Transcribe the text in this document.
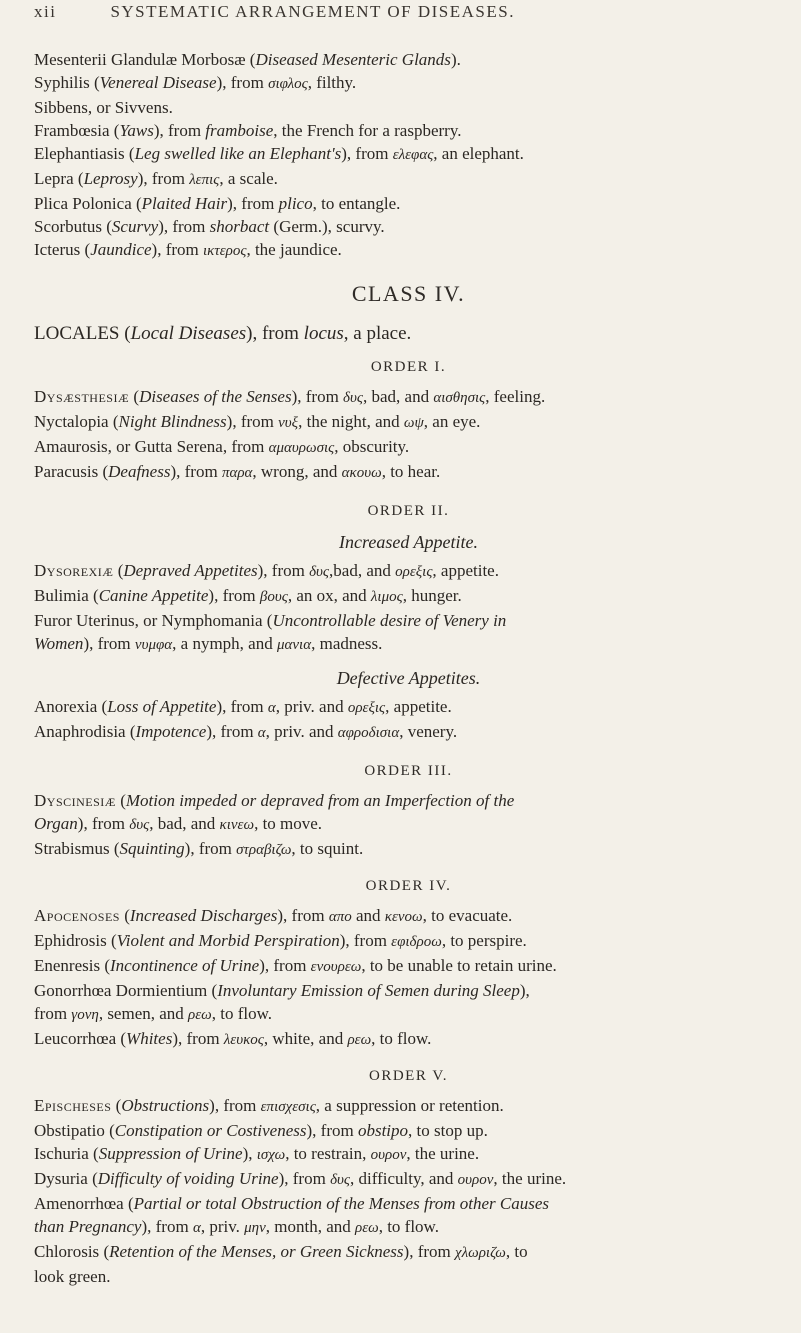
xii	SYSTEMATIC ARRANGEMENT OF DISEASES.
Mesenterii Glandulæ Morbosæ (Diseased Mesenteric Glands).
Syphilis (Venereal Disease), from σιφλος, filthy.
Sibbens, or Sivvens.
Frambœsia (Yaws), from framboise, the French for a raspberry.
Elephantiasis (Leg swelled like an Elephant's), from ελεφας, an elephant.
Lepra (Leprosy), from λεπις, a scale.
Plica Polonica (Plaited Hair), from plico, to entangle.
Scorbutus (Scurvy), from shorbact (Germ.), scurvy.
Icterus (Jaundice), from ικτερος, the jaundice.
CLASS IV.
LOCALES (Local Diseases), from locus, a place.
ORDER I.
Dysæsthesiæ (Diseases of the Senses), from δυς, bad, and αισθησις, feeling.
Nyctalopia (Night Blindness), from νυξ, the night, and ωψ, an eye.
Amaurosis, or Gutta Serena, from αμαυρωσις, obscurity.
Paracusis (Deafness), from παρα, wrong, and ακουω, to hear.
ORDER II.
Increased Appetite.
Dysorexiæ (Depraved Appetites), from δυς,bad, and ορεξις, appetite.
Bulimia (Canine Appetite), from βους, an ox, and λιμος, hunger.
Furor Uterinus, or Nymphomania (Uncontrollable desire of Venery in
Women), from νυμφα, a nymph, and μανια, madness.
Defective Appetites.
Anorexia (Loss of Appetite), from α, priv. and ορεξις, appetite.
Anaphrodisia (Impotence), from α, priv. and αφροδισια, venery.
ORDER III.
Dyscinesiæ (Motion impeded or depraved from an Imperfection of the
Organ), from δυς, bad, and κινεω, to move.
Strabismus (Squinting), from στραβιζω, to squint.
ORDER IV.
Apocenoses (Increased Discharges), from απο and κενοω, to evacuate.
Ephidrosis (Violent and Morbid Perspiration), from εφιδροω, to perspire.
Enenresis (Incontinence of Urine), from ενουρεω, to be unable to retain urine.
Gonorrhœa Dormientium (Involuntary Emission of Semen during Sleep),
from γονη, semen, and ρεω, to flow.
Leucorrhœa (Whites), from λευκος, white, and ρεω, to flow.
ORDER V.
Epischeses (Obstructions), from επισχεσις, a suppression or retention.
Obstipatio (Constipation or Costiveness), from obstipo, to stop up.
Ischuria (Suppression of Urine), ισχω, to restrain, ουρον, the urine.
Dysuria (Difficulty of voiding Urine), from δυς, difficulty, and ουρον, the urine.
Amenorrhœa (Partial or total Obstruction of the Menses from other Causes
than Pregnancy), from α, priv. μην, month, and ρεω, to flow.
Chlorosis (Retention of the Menses, or Green Sickness), from χλωριζω, to
look green.
